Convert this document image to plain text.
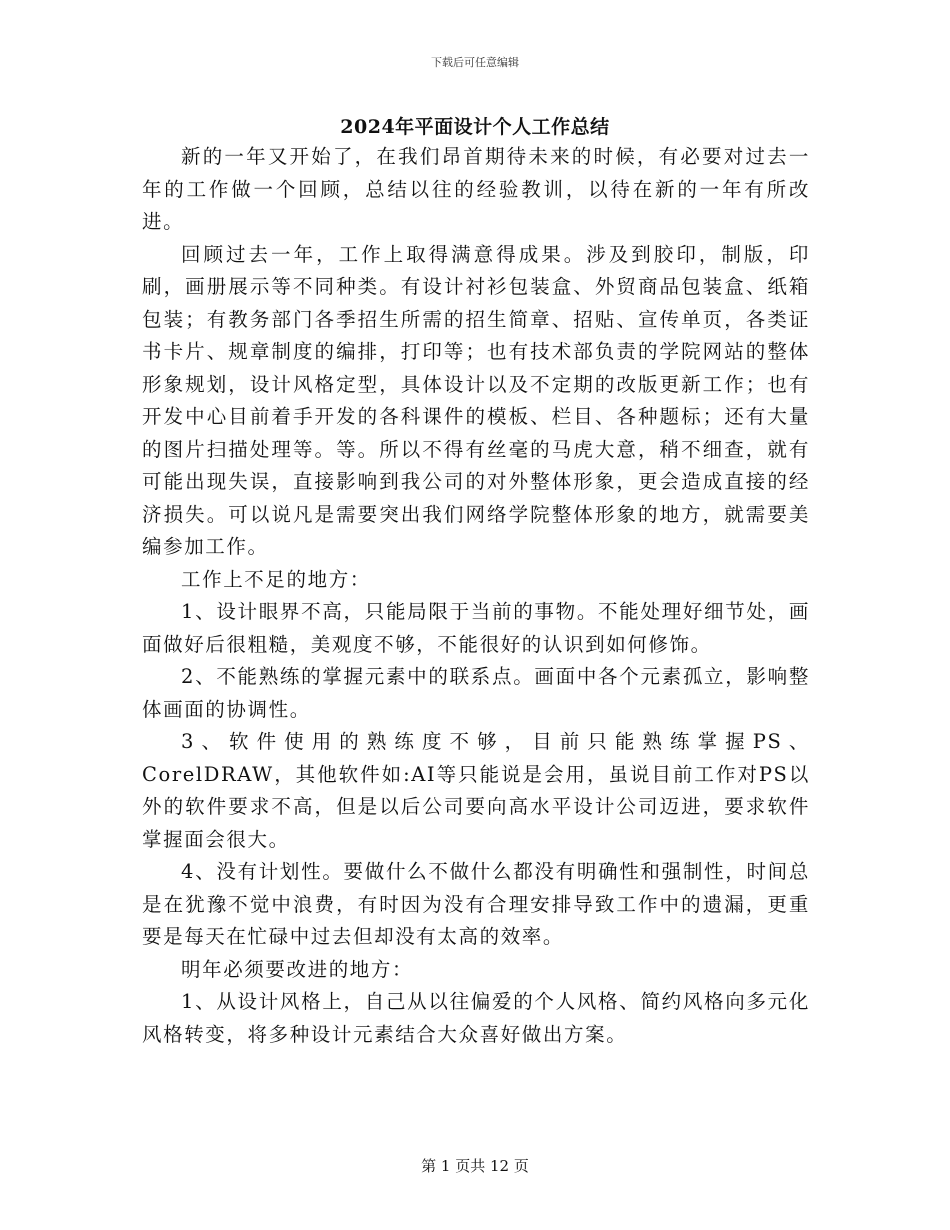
下载后可任意编辑
2024年平面设计个人工作总结

新的一年又开始了，在我们昂首期待未来的时候，有必要对过去一年的工作做一个回顾，总结以往的经验教训，以待在新的一年有所改进。

回顾过去一年，工作上取得满意得成果。涉及到胶印，制版，印刷，画册展示等不同种类。有设计衬衫包装盒、外贸商品包装盒、纸箱包装；有教务部门各季招生所需的招生简章、招贴、宣传单页，各类证书卡片、规章制度的编排，打印等；也有技术部负责的学院网站的整体形象规划，设计风格定型，具体设计以及不定期的改版更新工作；也有开发中心目前着手开发的各科课件的模板、栏目、各种题标；还有大量的图片扫描处理等。等。所以不得有丝毫的马虎大意，稍不细查，就有可能出现失误，直接影响到我公司的对外整体形象，更会造成直接的经济损失。可以说凡是需要突出我们网络学院整体形象的地方，就需要美编参加工作。

工作上不足的地方：

1、设计眼界不高，只能局限于当前的事物。不能处理好细节处，画面做好后很粗糙，美观度不够，不能很好的认识到如何修饰。

2、不能熟练的掌握元素中的联系点。画面中各个元素孤立，影响整体画面的协调性。

3、软件使用的熟练度不够，目前只能熟练掌握PS、CorelDRAW，其他软件如:AI等只能说是会用，虽说目前工作对PS以外的软件要求不高，但是以后公司要向高水平设计公司迈进，要求软件掌握面会很大。

4、没有计划性。要做什么不做什么都没有明确性和强制性，时间总是在犹豫不觉中浪费，有时因为没有合理安排导致工作中的遗漏，更重要是每天在忙碌中过去但却没有太高的效率。

明年必须要改进的地方：

1、从设计风格上，自己从以往偏爱的个人风格、简约风格向多元化风格转变，将多种设计元素结合大众喜好做出方案。

第 1 页共 12 页
